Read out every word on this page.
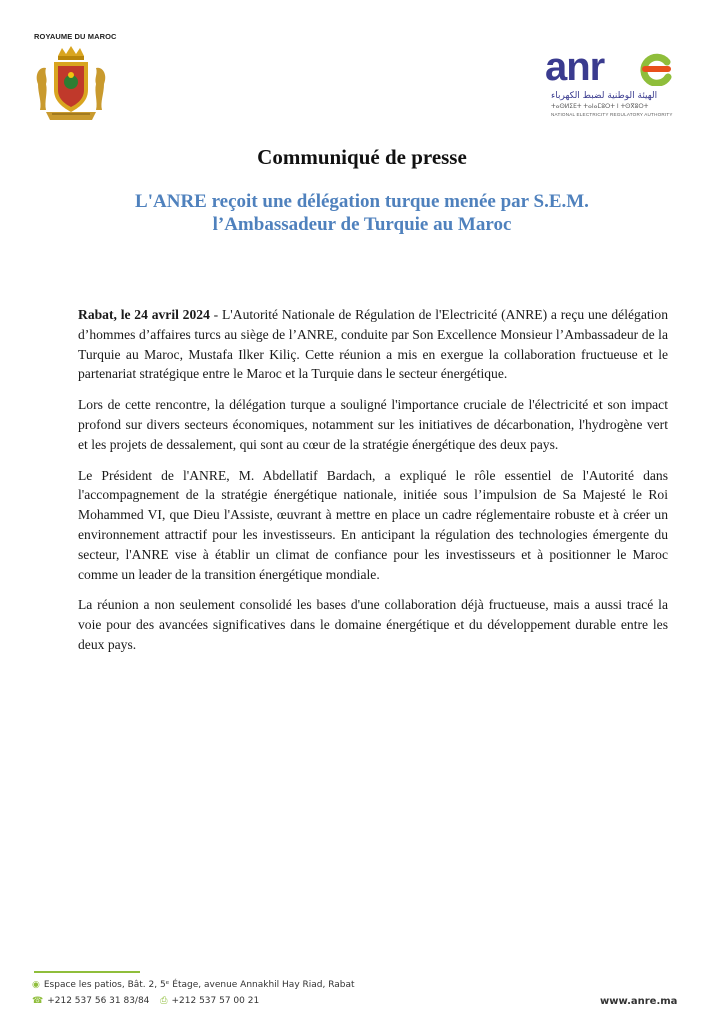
ROYAUME DU MAROC
anr
الهيئة الوطنية لضبط الكهرباء
ⵜⴰⵙⵍⵉⴹⵜ ⵜⴰⵏⴰⵎⵓⵔⵜ ⵏ ⵜⵙⴳⵓⵔⵜ
NATIONAL ELECTRICITY REGULATORY AUTHORITY
Communiqué de presse
L'ANRE reçoit une délégation turque menée par S.E.M. l’Ambassadeur de Turquie au Maroc

Rabat, le 24 avril 2024 - L'Autorité Nationale de Régulation de l'Electricité (ANRE) a reçu une délégation d’hommes d’affaires turcs au siège de l’ANRE, conduite par Son Excellence Monsieur l’Ambassadeur de la Turquie au Maroc, Mustafa Ilker Kiliç. Cette réunion a mis en exergue la collaboration fructueuse et le partenariat stratégique entre le Maroc et la Turquie dans le secteur énergétique.

Lors de cette rencontre, la délégation turque a souligné l'importance cruciale de l'électricité et son impact profond sur divers secteurs économiques, notamment sur les initiatives de décarbonation, l'hydrogène vert et les projets de dessalement, qui sont au cœur de la stratégie énergétique des deux pays.

Le Président de l'ANRE, M. Abdellatif Bardach, a expliqué le rôle essentiel de l'Autorité dans l'accompagnement de la stratégie énergétique nationale, initiée sous l’impulsion de Sa Majesté le Roi Mohammed VI, que Dieu l'Assiste, œuvrant à mettre en place un cadre réglementaire robuste et à créer un environnement attractif pour les investisseurs. En anticipant la régulation des technologies émergente du secteur, l'ANRE vise à établir un climat de confiance pour les investisseurs et à positionner le Maroc comme un leader de la transition énergétique mondiale.

La réunion a non seulement consolidé les bases d'une collaboration déjà fructueuse, mais a aussi tracé la voie pour des avancées significatives dans le domaine énergétique et du développement durable entre les deux pays.

◉ Espace les patios, Bât. 2, 5ᵉ Étage, avenue Annakhil Hay Riad, Rabat
☎ +212 537 56 31 83/84 ⎙ +212 537 57 00 21	www.anre.ma
